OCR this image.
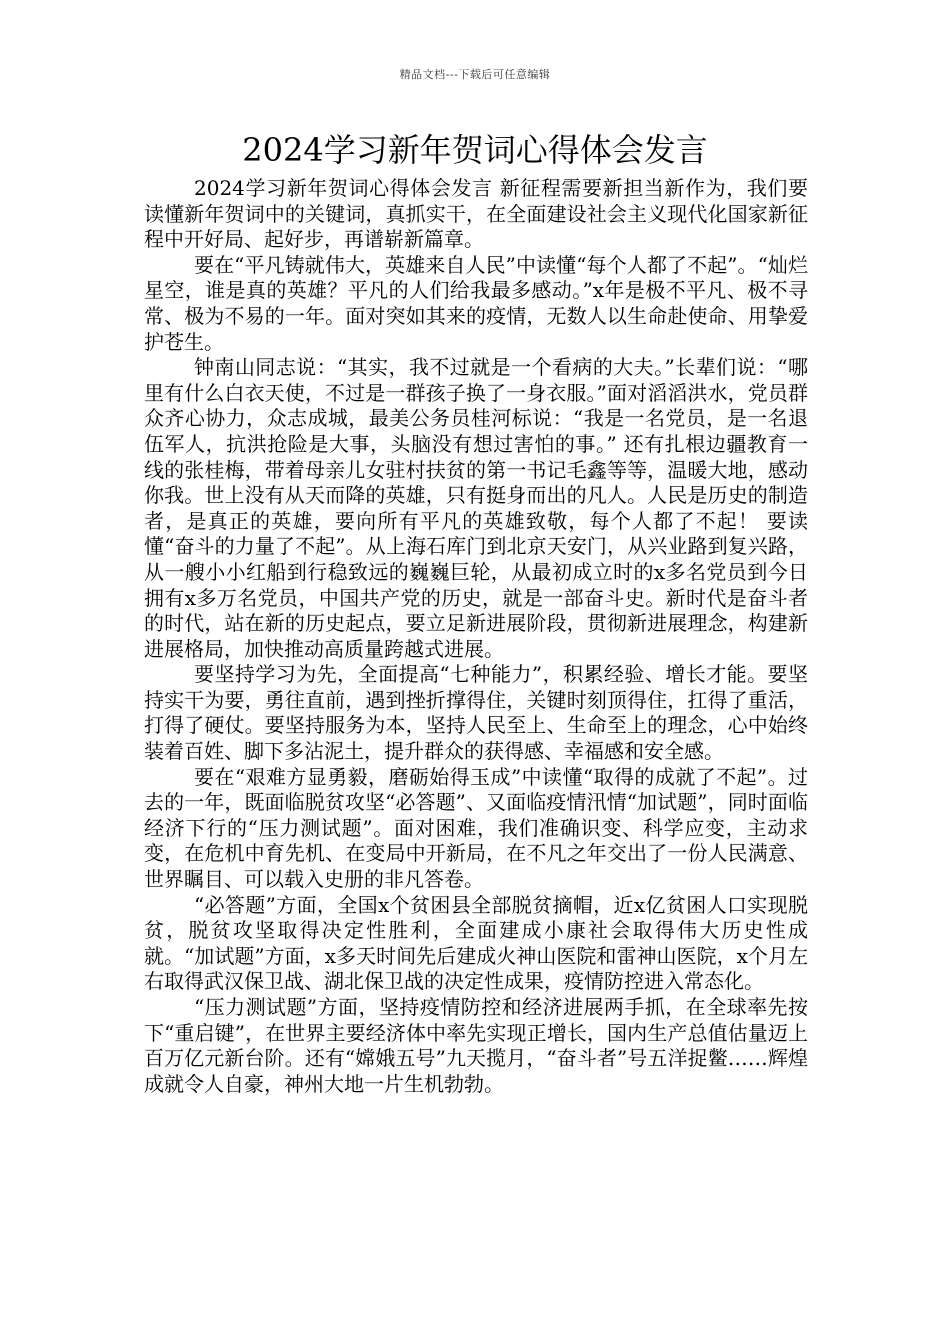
精品文档---下载后可任意编辑
2024学习新年贺词心得体会发言

2024学习新年贺词心得体会发言 新征程需要新担当新作为，我们要读懂新年贺词中的关键词，真抓实干，在全面建设社会主义现代化国家新征程中开好局、起好步，再谱崭新篇章。

要在“平凡铸就伟大，英雄来自人民”中读懂“每个人都了不起”。“灿烂星空，谁是真的英雄？平凡的人们给我最多感动。”x年是极不平凡、极不寻常、极为不易的一年。面对突如其来的疫情，无数人以生命赴使命、用挚爱护苍生。

钟南山同志说：“其实，我不过就是一个看病的大夫。”长辈们说：“哪里有什么白衣天使，不过是一群孩子换了一身衣服。”面对滔滔洪水，党员群众齐心协力，众志成城，最美公务员桂河标说：“我是一名党员，是一名退伍军人，抗洪抢险是大事，头脑没有想过害怕的事。” 还有扎根边疆教育一线的张桂梅，带着母亲儿女驻村扶贫的第一书记毛鑫等等，温暖大地，感动你我。世上没有从天而降的英雄，只有挺身而出的凡人。人民是历史的制造者，是真正的英雄，要向所有平凡的英雄致敬，每个人都了不起！ 要读懂“奋斗的力量了不起”。从上海石库门到北京天安门，从兴业路到复兴路，从一艘小小红船到行稳致远的巍巍巨轮，从最初成立时的x多名党员到今日拥有x多万名党员，中国共产党的历史，就是一部奋斗史。新时代是奋斗者的时代，站在新的历史起点，要立足新进展阶段，贯彻新进展理念，构建新进展格局，加快推动高质量跨越式进展。

要坚持学习为先，全面提高“七种能力”，积累经验、增长才能。要坚持实干为要，勇往直前，遇到挫折撑得住，关键时刻顶得住，扛得了重活，打得了硬仗。要坚持服务为本，坚持人民至上、生命至上的理念，心中始终装着百姓、脚下多沾泥土，提升群众的获得感、幸福感和安全感。

要在“艰难方显勇毅，磨砺始得玉成”中读懂“取得的成就了不起”。过去的一年，既面临脱贫攻坚“必答题”、又面临疫情汛情“加试题”，同时面临经济下行的“压力测试题”。面对困难，我们准确识变、科学应变，主动求变，在危机中育先机、在变局中开新局，在不凡之年交出了一份人民满意、世界瞩目、可以载入史册的非凡答卷。

“必答题”方面，全国x个贫困县全部脱贫摘帽，近x亿贫困人口实现脱贫，脱贫攻坚取得决定性胜利，全面建成小康社会取得伟大历史性成就。“加试题”方面，x多天时间先后建成火神山医院和雷神山医院，x个月左右取得武汉保卫战、湖北保卫战的决定性成果，疫情防控进入常态化。

“压力测试题”方面，坚持疫情防控和经济进展两手抓，在全球率先按下“重启键”，在世界主要经济体中率先实现正增长，国内生产总值估量迈上百万亿元新台阶。还有“嫦娥五号”九天揽月，“奋斗者”号五洋捉鳖……辉煌成就令人自豪，神州大地一片生机勃勃。
